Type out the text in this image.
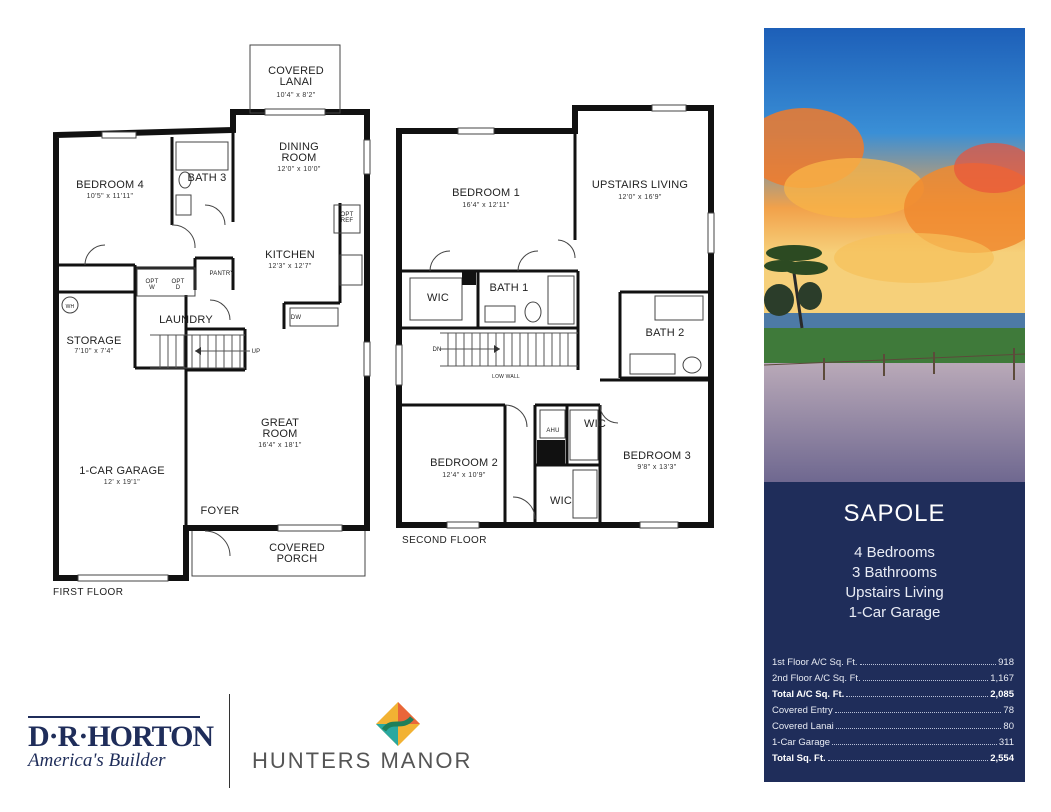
COVERED
LANAI
10'4" x 8'2"
DINING
ROOM
12'0" x 10'0"
BEDROOM 4
10'5" x 11'11"
BATH 3
OPT
REF
KITCHEN
12'3" x 12'7"
PANTRY
OPT
W
OPT
D
WH
LAUNDRY	DW
STORAGE
7'10" x 7'4"	UP
GREAT
ROOM
16'4" x 18'1"
1-CAR GARAGE
12' x 19'1"
FOYER
COVERED
PORCH
FIRST FLOOR
BEDROOM 1
16'4" x 12'11"
UPSTAIRS LIVING
12'0" x 16'9"
WIC
BATH 1
BATH 2
DN
LOW WALL
AHU
WIC
BEDROOM 2
12'4" x 10'9"
BEDROOM 3
9'8" x 13'3"
WIC
SECOND FLOOR
SAPOLE
4 Bedrooms
3 Bathrooms
Upstairs Living
1-Car Garage
1st Floor A/C Sq. Ft.	918
2nd Floor A/C Sq. Ft.	1,167
Total A/C Sq. Ft.	2,085
Covered Entry	78
Covered Lanai	80
1-Car Garage	311
Total Sq. Ft.	2,554
D·R·HORTON
America's Builder	HUNTERS MANOR
